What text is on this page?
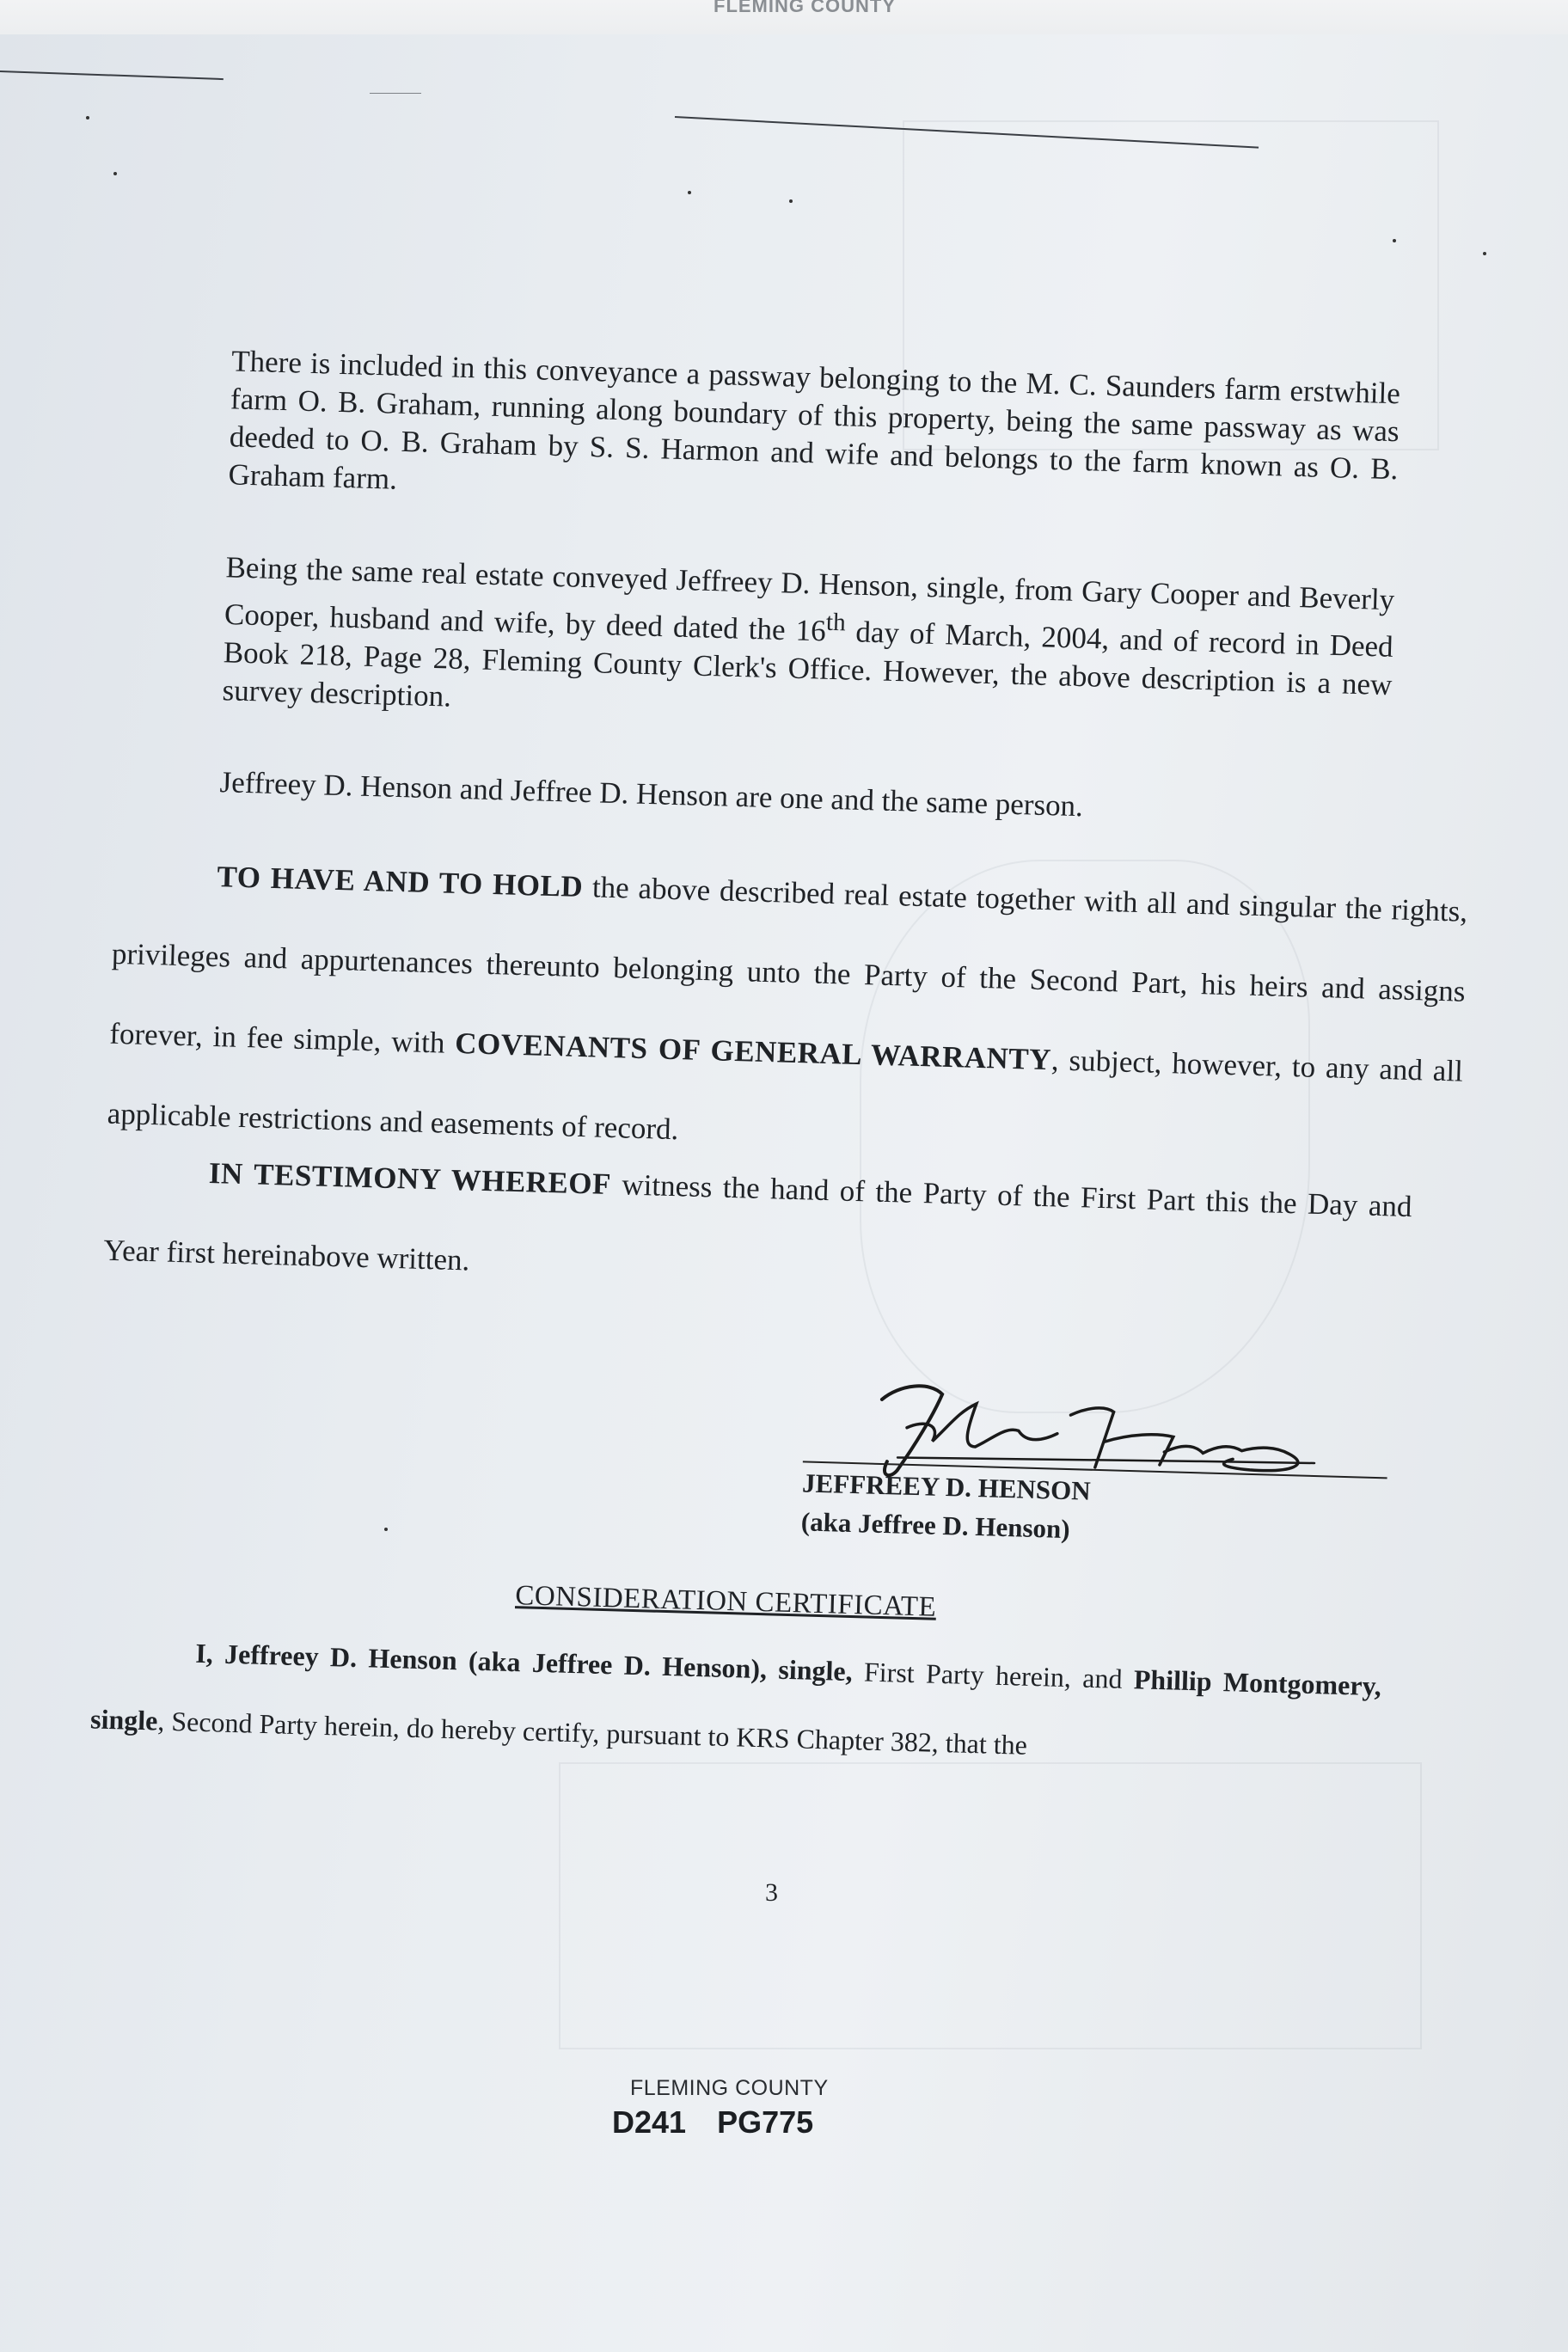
FLEMING COUNTY

There is included in this conveyance a passway belonging to the M. C. Saunders farm erstwhile farm O. B. Graham, running along boundary of this property, being the same passway as was deeded to O. B. Graham by S. S. Harmon and wife and belongs to the farm known as O. B. Graham farm.

Being the same real estate conveyed Jeffreey D. Henson, single, from Gary Cooper and Beverly Cooper, husband and wife, by deed dated the 16th day of March, 2004, and of record in Deed Book 218, Page 28, Fleming County Clerk's Office. However, the above description is a new survey description.

Jeffreey D. Henson and Jeffree D. Henson are one and the same person.

TO HAVE AND TO HOLD the above described real estate together with all and singular the rights, privileges and appurtenances thereunto belonging unto the Party of the Second Part, his heirs and assigns forever, in fee simple, with COVENANTS OF GENERAL WARRANTY, subject, however, to any and all applicable restrictions and easements of record.

IN TESTIMONY WHEREOF witness the hand of the Party of the First Part this the Day and Year first hereinabove written.

JEFFREEY D. HENSON
(aka Jeffree D. Henson)
CONSIDERATION CERTIFICATE

I, Jeffreey D. Henson (aka Jeffree D. Henson), single, First Party herein, and Phillip Montgomery, single, Second Party herein, do hereby certify, pursuant to KRS Chapter 382, that the

3
FLEMING COUNTY
D241 PG775
